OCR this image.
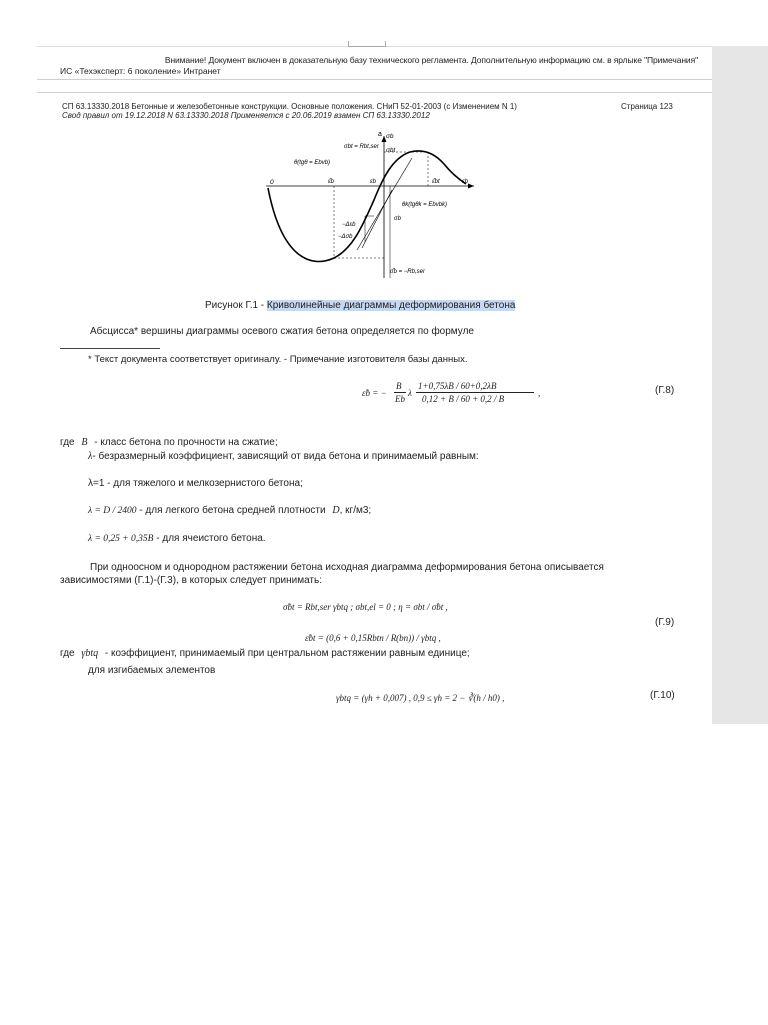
Внимание! Документ включен в доказательную базу технического регламента. Дополнительную информацию см. в ярлыке "Примечания"
ИС «Техэксперт: 6 поколение» Интранет
СП 63.13330.2018 Бетонные и железобетонные конструкции. Основные положения. СНиП 52-01-2003 (с Изменением N 1)	Страница 123
Свод правил от 19.12.2018 N 63.13330.2018 Применяется с 20.06.2019 взамен СП 63.13330.2012
a σb
σbt
σbt = Rbt,ser
θ(tgθ = Ebvb)
0	ε̂b	εb	ε̂bt	εb
θk(tgθk = Ebvbk)
σb
−Δεb
−Δσb
σ̂b = −Rb,ser
Рисунок Г.1 - Криволинейные диаграммы деформирования бетона
Абсцисса* вершины диаграммы осевого сжатия бетона определяется по формуле
* Текст документа соответствует оригиналу. - Примечание изготовителя базы данных.
ε̂b = −
B
Eb
λ
1+0,75λB / 60+0,2λB
0,12 + B / 60 + 0,2 / B
,	(Г.8)
где B - класс бетона по прочности на сжатие;
λ- безразмерный коэффициент, зависящий от вида бетона и принимаемый равным:
λ=1 - для тяжелого и мелкозернистого бетона;
λ = D / 2400 - для легкого бетона средней плотности D, кг/м3;
λ = 0,25 + 0,35B - для ячеистого бетона.
При одноосном и однородном растяжении бетона исходная диаграмма деформирования бетона описывается
зависимостями (Г.1)-(Г.3), в которых следует принимать:
σ̂bt = Rbt,ser γbtq ; σbt,el = 0 ; η = σbt / σ̂bt ,
ε̂bt = (0,6 + 0,15Rbtn / R(bn)) / γbtq ,
(Г.9)
где γbtq - коэффициент, принимаемый при центральном растяжении равным единице;
для изгибаемых элементов
γbtq = (γh + 0,007) , 0,9 ≤ γh = 2 − ∛(h / h0) ,	(Г.10)
